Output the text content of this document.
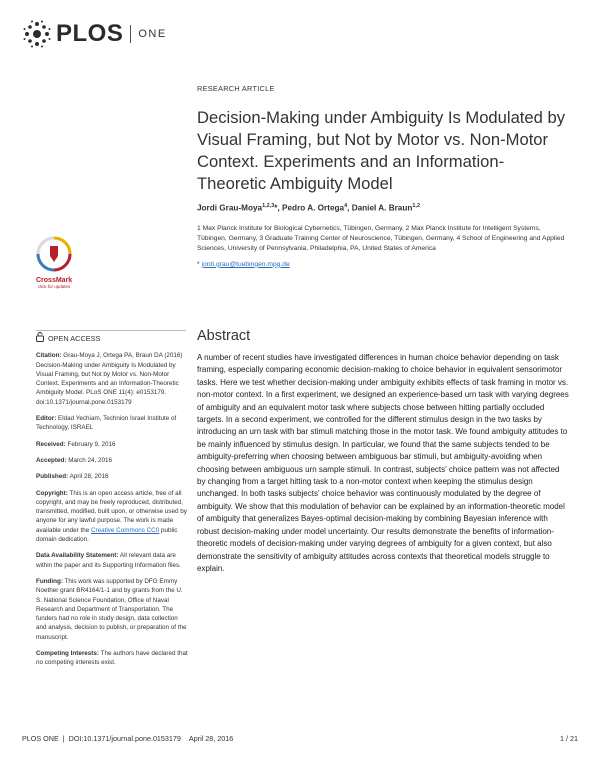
PLOS ONE
CrossMark
click for updates
RESEARCH ARTICLE
Decision-Making under Ambiguity Is Modulated by Visual Framing, but Not by Motor vs. Non-Motor Context. Experiments and an Information-Theoretic Ambiguity Model
Jordi Grau-Moya$^{1,2,3}$*, Pedro A. Ortega$^4$, Daniel A. Braun$^{1,2}$
1 Max Planck Institute for Biological Cybernetics, Tübingen, Germany, 2 Max Planck Institute for Intelligent Systems, Tübingen, Germany, 3 Graduate Training Center of Neuroscience, Tübingen, Germany, 4 School of Engineering and Applied Sciences, University of Pennsylvania, Philadelphia, PA, United States of America
* jordi.grau@tuebingen.mpg.de
Abstract

A number of recent studies have investigated differences in human choice behavior depending on task framing, especially comparing economic decision-making to choice behavior in equivalent sensorimotor tasks. Here we test whether decision-making under ambiguity exhibits effects of task framing in motor vs. non-motor context. In a first experiment, we designed an experience-based urn task with varying degrees of ambiguity and an equivalent motor task where subjects chose between hitting partially occluded targets. In a second experiment, we controlled for the different stimulus design in the two tasks by introducing an urn task with bar stimuli matching those in the motor task. We found ambiguity attitudes to be mainly influenced by stimulus design. In particular, we found that the same subjects tended to be ambiguity-preferring when choosing between ambiguous bar stimuli, but ambiguity-avoiding when choosing between ambiguous urn sample stimuli. In contrast, subjects' choice pattern was not affected by changing from a target hitting task to a non-motor context when keeping the stimulus design unchanged. In both tasks subjects' choice behavior was continuously modulated by the degree of ambiguity. We show that this modulation of behavior can be explained by an information-theoretic model of ambiguity that generalizes Bayes-optimal decision-making by combining Bayesian inference with robust decision-making under model uncertainty. Our results demonstrate the benefits of information-theoretic models of decision-making under varying degrees of ambiguity for a given context, but also demonstrate the sensitivity of ambiguity attitudes across contexts that theoretical models struggle to explain.

OPEN ACCESS

Citation: Grau-Moya J, Ortega PA, Braun DA (2016) Decision-Making under Ambiguity Is Modulated by Visual Framing, but Not by Motor vs. Non-Motor Context. Experiments and an Information-Theoretic Ambiguity Model. PLoS ONE 11(4): e0153179. doi:10.1371/journal.pone.0153179

Editor: Eldad Yechiam, Technion Israel Institute of Technology, ISRAEL

Received: February 9, 2016

Accepted: March 24, 2016

Published: April 28, 2016

Copyright: This is an open access article, free of all copyright, and may be freely reproduced, distributed, transmitted, modified, built upon, or otherwise used by anyone for any lawful purpose. The work is made available under the Creative Commons CC0 public domain dedication.

Data Availability Statement: All relevant data are within the paper and its Supporting Information files.

Funding: This work was supported by DFG Emmy Noether grant BR4164/1-1 and by grants from the U. S. National Science Foundation, Office of Naval Research and Department of Transportation. The funders had no role in study design, data collection and analysis, decision to publish, or preparation of the manuscript.

Competing Interests: The authors have declared that no competing interests exist.

PLOS ONE | DOI:10.1371/journal.pone.0153179 April 28, 2016	1 / 21
